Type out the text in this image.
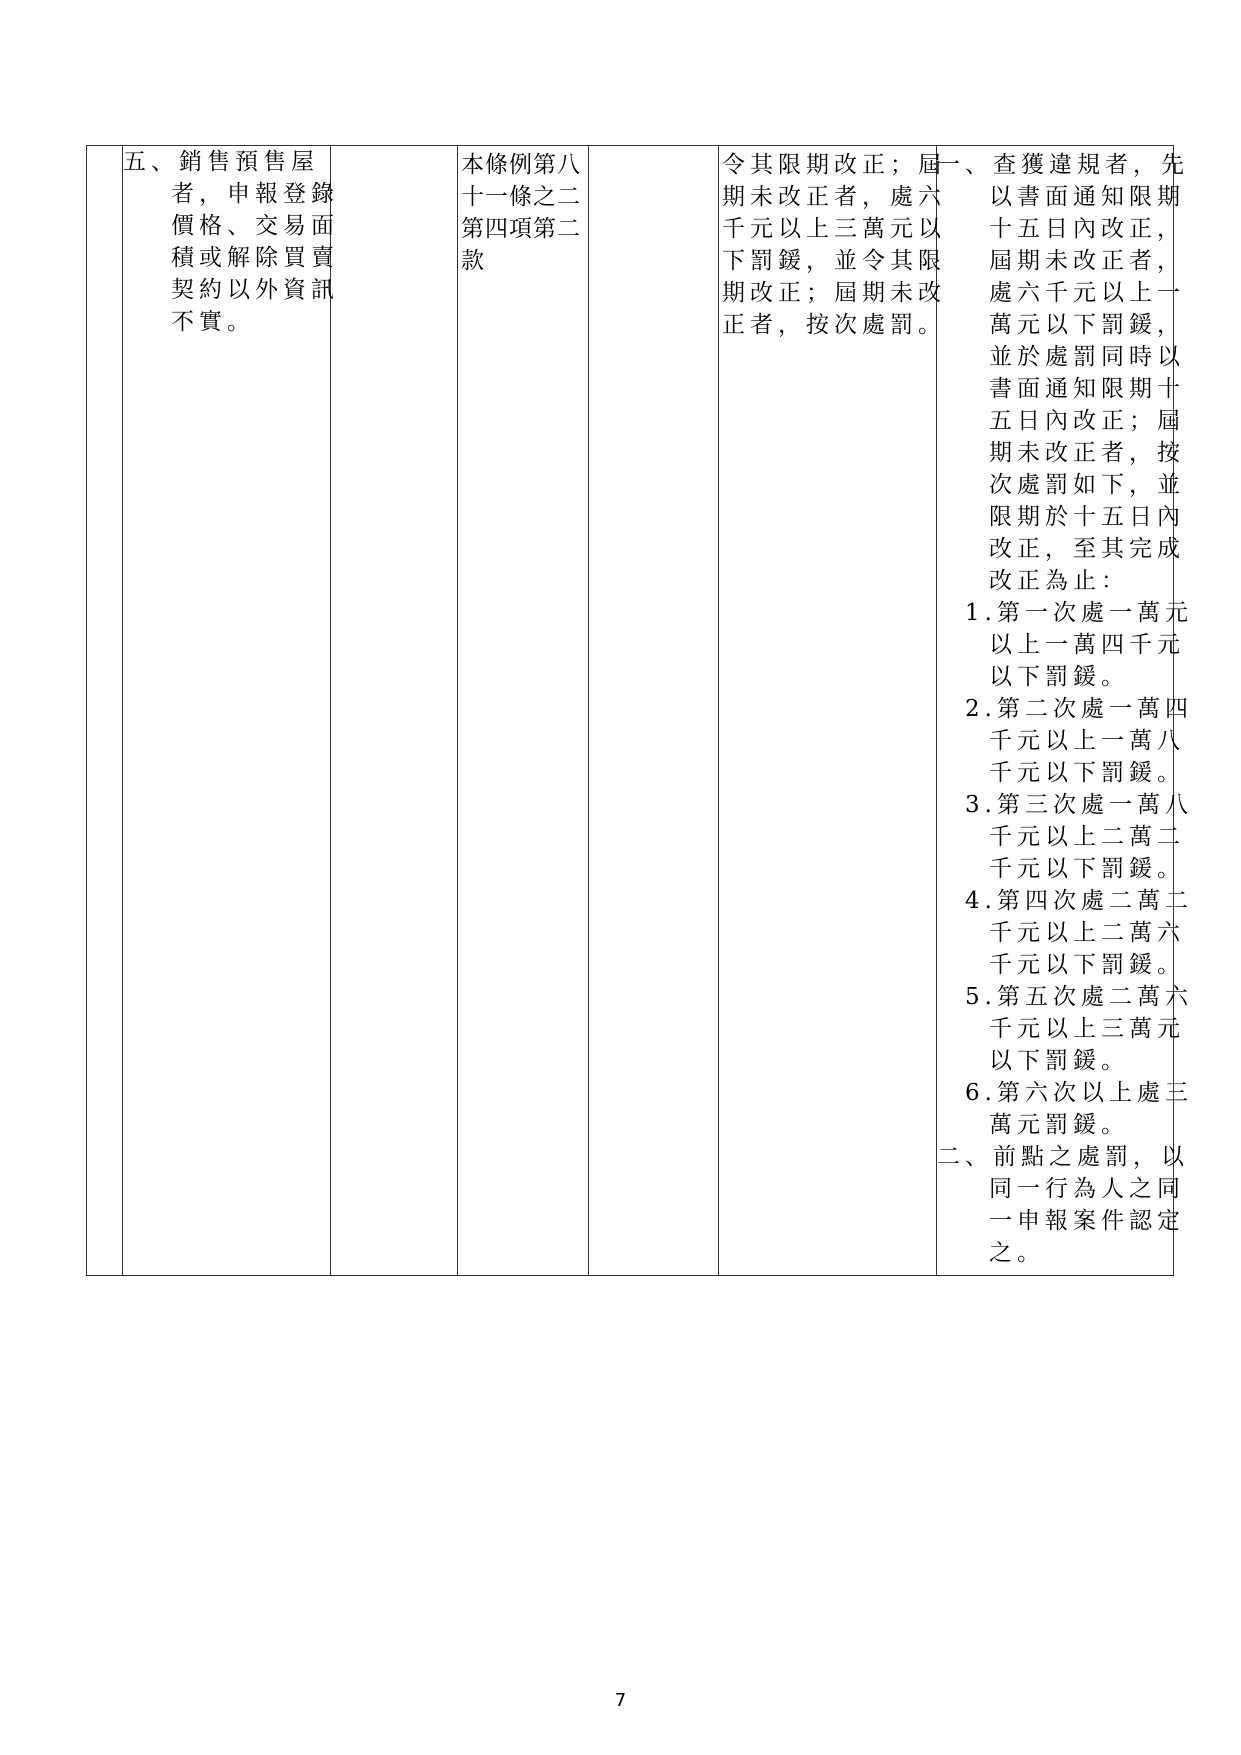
五、銷售預售屋
者，申報登錄
價格、交易面
積或解除買賣
契約以外資訊
不實。

本條例第八
十一條之二
第四項第二
款

令其限期改正；屆
期未改正者，處六
千元以上三萬元以
下罰鍰，並令其限
期改正；屆期未改
正者，按次處罰。

一、查獲違規者，先
以書面通知限期
十五日內改正，
屆期未改正者，
處六千元以上一
萬元以下罰鍰，
並於處罰同時以
書面通知限期十
五日內改正；屆
期未改正者，按
次處罰如下，並
限期於十五日內
改正，至其完成
改正為止：
1.第一次處一萬元
以上一萬四千元
以下罰鍰。
2.第二次處一萬四
千元以上一萬八
千元以下罰鍰。
3.第三次處一萬八
千元以上二萬二
千元以下罰鍰。
4.第四次處二萬二
千元以上二萬六
千元以下罰鍰。
5.第五次處二萬六
千元以上三萬元
以下罰鍰。
6.第六次以上處三
萬元罰鍰。
二、前點之處罰，以
同一行為人之同
一申報案件認定
之。
7
